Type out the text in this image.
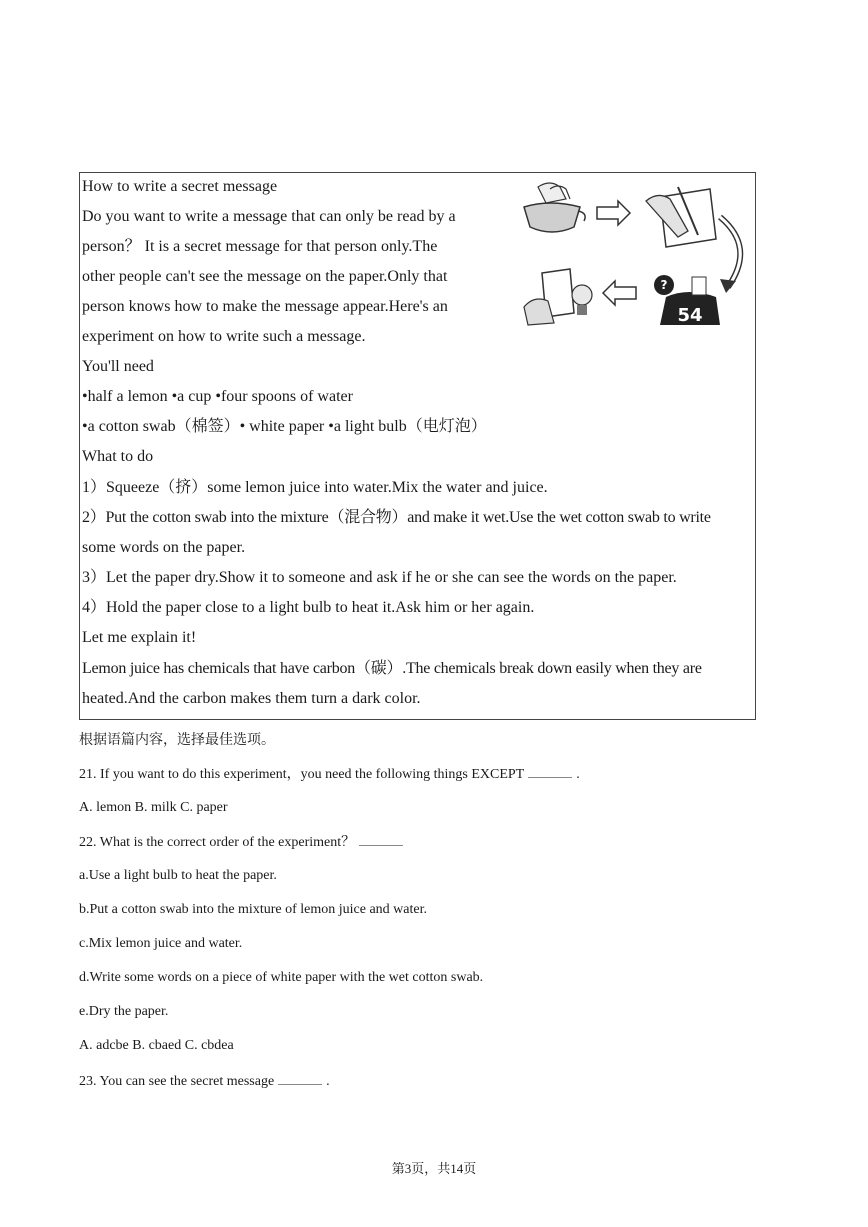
How to write a secret message
Do you want to write a message that can only be read by a
person？ It is a secret message for that person only.The
other people can't see the message on the paper.Only that
person knows how to make the message appear.Here's an
experiment on how to write such a message.
You'll need
•half a lemon •a cup •four spoons of water
•a cotton swab（棉签）• white paper •a light bulb（电灯泡）
What to do
1）Squeeze（挤）some lemon juice into water.Mix the water and juice.
2）Put the cotton swab into the mixture（混合物）and make it wet.Use the wet cotton swab to write
some words on the paper.
3）Let the paper dry.Show it to someone and ask if he or she can see the words on the paper.
4）Hold the paper close to a light bulb to heat it.Ask him or her again.
Let me explain it!
Lemon juice has chemicals that have carbon（碳）.The chemicals break down easily when they are
heated.And the carbon makes them turn a dark color.
?
54
根据语篇内容，选择最佳选项。
21. If you want to do this experiment，you need the following things EXCEPT	.
A. lemon B. milk C. paper
22. What is the correct order of the experiment？
a.Use a light bulb to heat the paper.
b.Put a cotton swab into the mixture of lemon juice and water.
c.Mix lemon juice and water.
d.Write some words on a piece of white paper with the wet cotton swab.
e.Dry the paper.
A. adcbe B. cbaed C. cbdea
23. You can see the secret message	.
第3页，共14页
